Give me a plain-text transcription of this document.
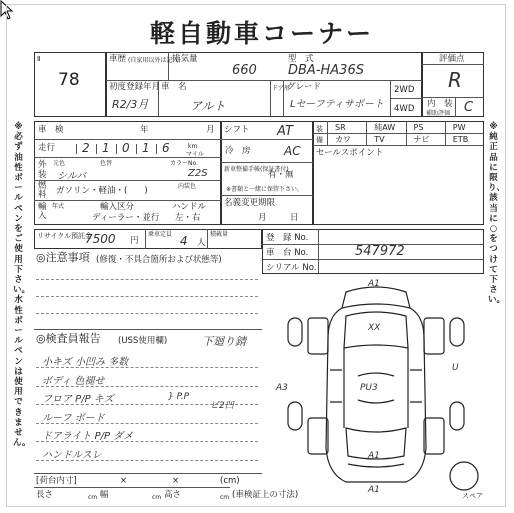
軽自動車コーナー
※必ず油性ボールペンをご使用下さい。水性ボールペンは使用できません。
※純正品に限り、該当に○をつけて下さい。
Ⅱ
78
車歴 (自家用以外は記入)
排気量	型　式
660 DBA-HA36S
初度登録年月
R2/3月
車　名
アルト
ドア形
グレード
Lセーフティサポート
2WD
4WD
評価点
R
内　装
補助評価 C
車　検	年	月
走行 2 1 0 1 6	km
マイル
外装
元色
シルバ
色替	カラーNo.
Z2S
燃料 ガソリン・軽油・(　　)	内装色
輸入
年式	輸入区分
ディーラー・並行
ハンドル
左・右
シフト AT
冷　房	AC
新車整備手帳(保証書付)
有・無
※書類と一緒に保管下さい。
名義変更期限
月	日
装
備
SR	純AW PS	PW
カワ	TV	ナビ	ETB
セールスポイント
リサイクル預託金
7500 円
乗車定員 4 人
積載量	登　録 No.
車　台 No.	547972
シリアル No.
◎注意事項 (修復・不具合箇所および状態等)
◎検査員報告 (USS使用欄)	下廻り錆
小キズ 小凹み 多数
ボディ 色褪せ
フロア P/P キズ
ルーフ ボード
ドアライト P/P ダメ
ハンドルスレ
} P.P
ピ2凹
A1
XX
PU3
A3
U
A1
A1
スペア
[荷台内寸]	×	×	(cm)
長さ	cm 幅	cm 高さ	cm (車検証上の寸法)
